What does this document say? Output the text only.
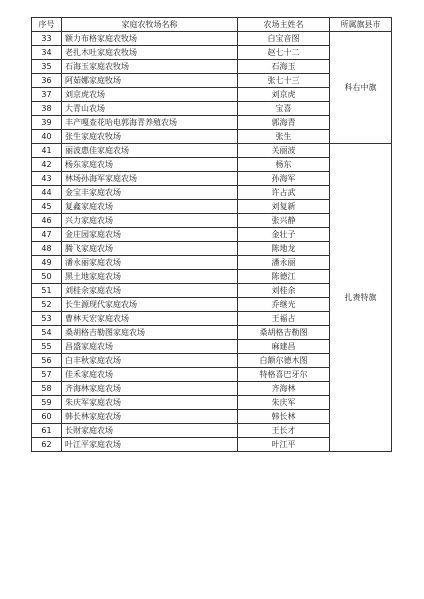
序号	家庭农牧场名称	农场主姓名	所属旗县市
33	额力布格家庭农牧场	白宝音图	科右中旗
34	老扎木吐家庭农牧场	赵七十二	
35	石海玉家庭农牧场	石海玉	
36	阿茹娜家庭牧场	张七十三	
37	刘京虎农场	刘京虎	
38	大青山农场	宝喜	
39	丰产嘎查花哈电郭海青养殖农场	郭海青	
40	张生家庭农牧场	张生	
41	丽波惠佳家庭农场	关丽波	扎赉特旗
42	杨东家庭农场	杨东	
43	林场孙海军家庭农场	孙海军	
44	金宝丰家庭农场	许占武	
45	复鑫家庭农场	刘复新	
46	兴力家庭农场	张兴静	
47	金庄园家庭农场	金壮子	
48	腾飞家庭农场	陈地龙	
49	潘永丽家庭农场	潘永丽	
50	黑土地家庭农场	陈德江	
51	刘桂余家庭农场	刘桂余	
52	长生源现代家庭农场	乔继光	
53	曹林天宏家庭农场	王福占	
54	桑胡格吉勒图家庭农场	桑胡格吉勒图	
55	昌盛家庭农场	麻建昌	
56	白丰秋家庭农场	白额尔德木图	
57	佳禾家庭农场	特格喜巴牙尔	
58	齐海林家庭农场	齐海林	
59	朱庆军家庭农场	朱庆军	
60	韩长林家庭农场	韩长林	
61	长财家庭农场	王长才	
62	叶江平家庭农场	叶江平	
